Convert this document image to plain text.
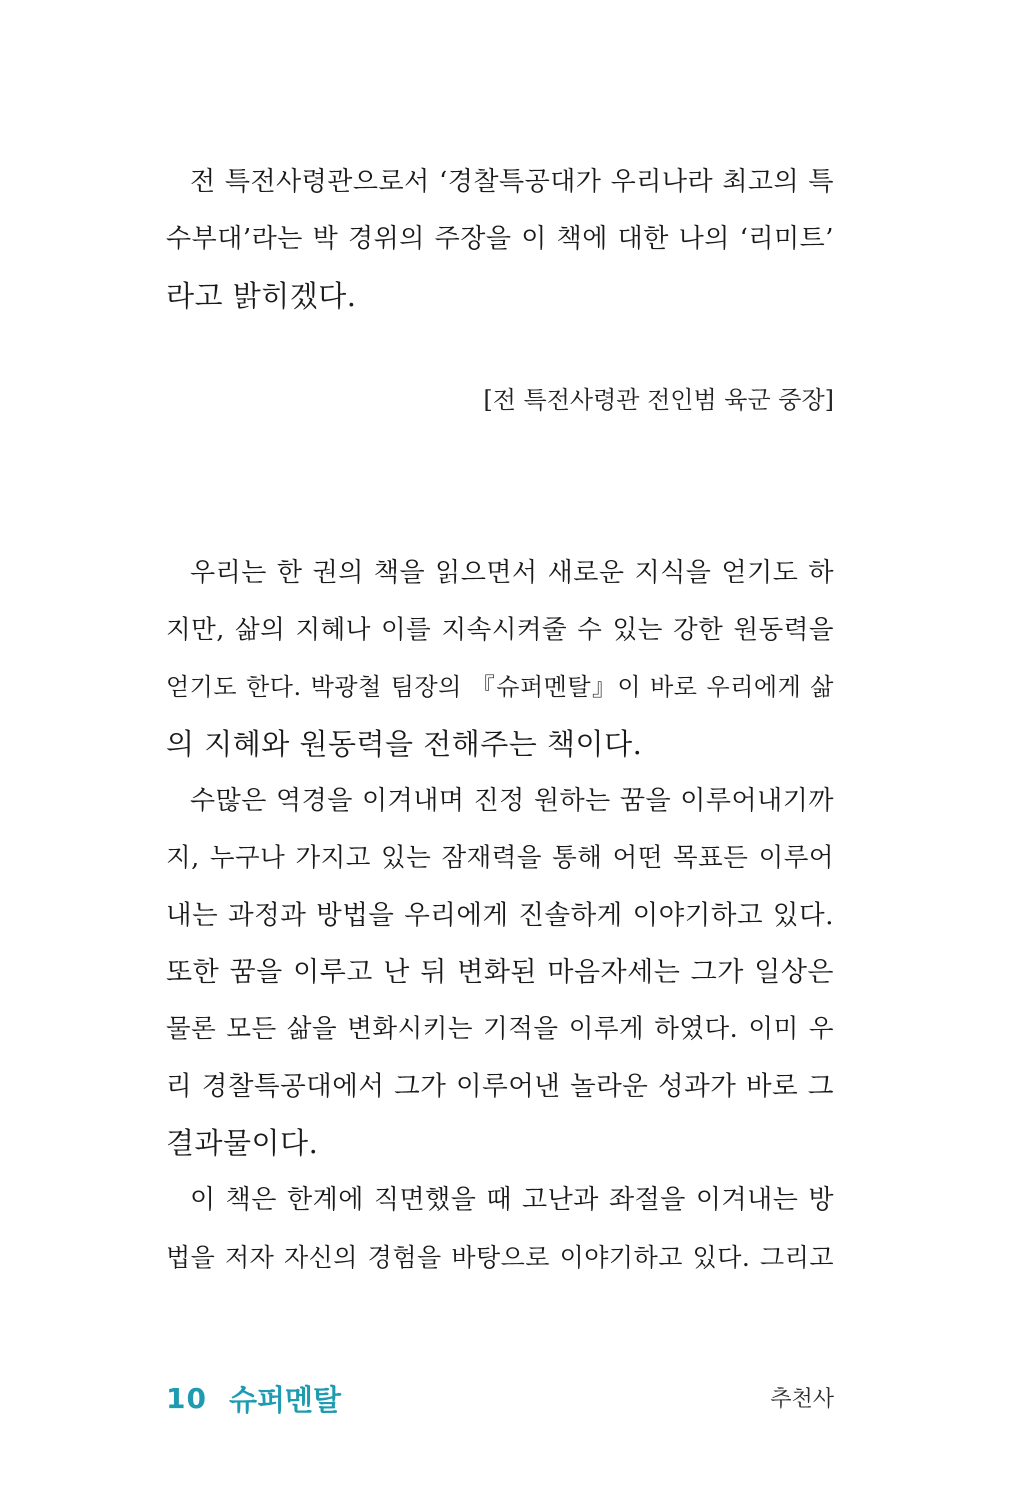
전 특전사령관으로서 ‘경찰특공대가 우리나라 최고의 특
수부대’라는 박 경위의 주장을 이 책에 대한 나의 ‘리미트’
라고 밝히겠다.
[전 특전사령관 전인범 육군 중장]
우리는 한 권의 책을 읽으면서 새로운 지식을 얻기도 하
지만, 삶의 지혜나 이를 지속시켜줄 수 있는 강한 원동력을
얻기도 한다. 박광철 팀장의 『슈퍼멘탈』이 바로 우리에게 삶
의 지혜와 원동력을 전해주는 책이다.
수많은 역경을 이겨내며 진정 원하는 꿈을 이루어내기까
지, 누구나 가지고 있는 잠재력을 통해 어떤 목표든 이루어
내는 과정과 방법을 우리에게 진솔하게 이야기하고 있다.
또한 꿈을 이루고 난 뒤 변화된 마음자세는 그가 일상은
물론 모든 삶을 변화시키는 기적을 이루게 하였다. 이미 우
리 경찰특공대에서 그가 이루어낸 놀라운 성과가 바로 그
결과물이다.
이 책은 한계에 직면했을 때 고난과 좌절을 이겨내는 방
법을 저자 자신의 경험을 바탕으로 이야기하고 있다. 그리고
10 슈퍼멘탈	추천사
